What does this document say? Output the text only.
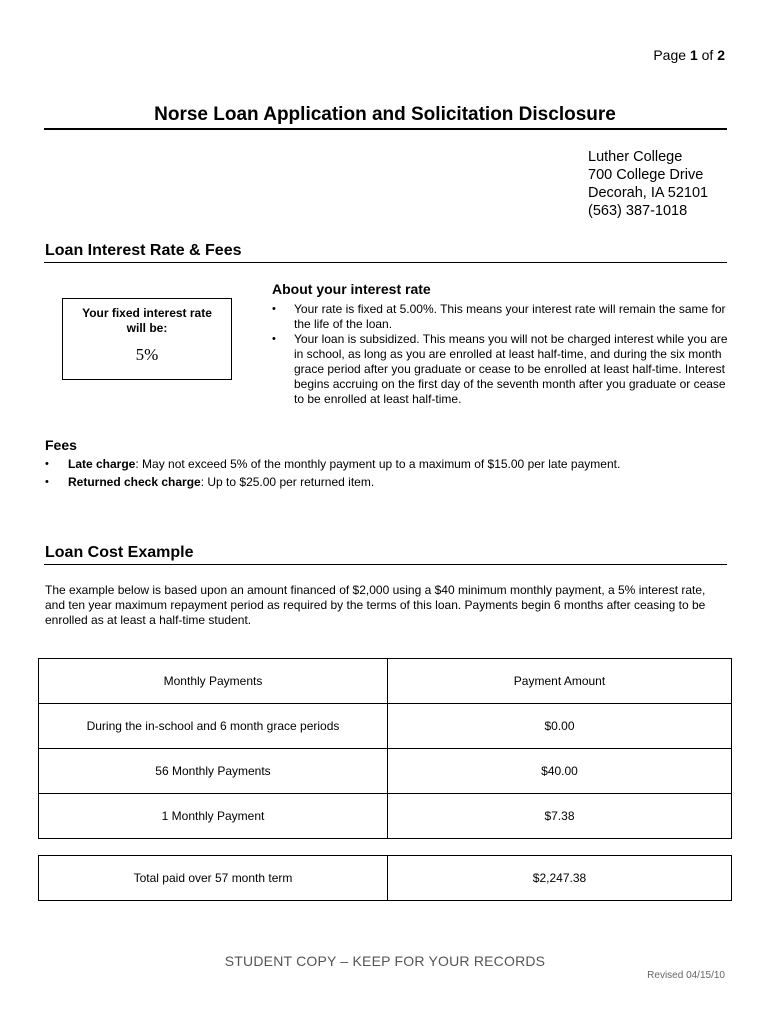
Page 1 of 2
Norse Loan Application and Solicitation Disclosure
Luther College
700 College Drive
Decorah, IA 52101
(563) 387-1018
Loan Interest Rate & Fees
Your fixed interest rate will be:
5%
About your interest rate
• Your rate is fixed at 5.00%. This means your interest rate will remain the same for the life of the loan.
• Your loan is subsidized. This means you will not be charged interest while you are in school, as long as you are enrolled at least half-time, and during the six month grace period after you graduate or cease to be enrolled at least half-time. Interest begins accruing on the first day of the seventh month after you graduate or cease to be enrolled at least half-time.
Fees
• Late charge: May not exceed 5% of the monthly payment up to a maximum of $15.00 per late payment.
• Returned check charge: Up to $25.00 per returned item.
Loan Cost Example
The example below is based upon an amount financed of $2,000 using a $40 minimum monthly payment, a 5% interest rate, and ten year maximum repayment period as required by the terms of this loan. Payments begin 6 months after ceasing to be enrolled as at least a half-time student.
Monthly Payments	Payment Amount
During the in-school and 6 month grace periods	$0.00
56 Monthly Payments	$40.00
1 Monthly Payment	$7.38
Total paid over 57 month term	$2,247.38
STUDENT COPY – KEEP FOR YOUR RECORDS
Revised 04/15/10
